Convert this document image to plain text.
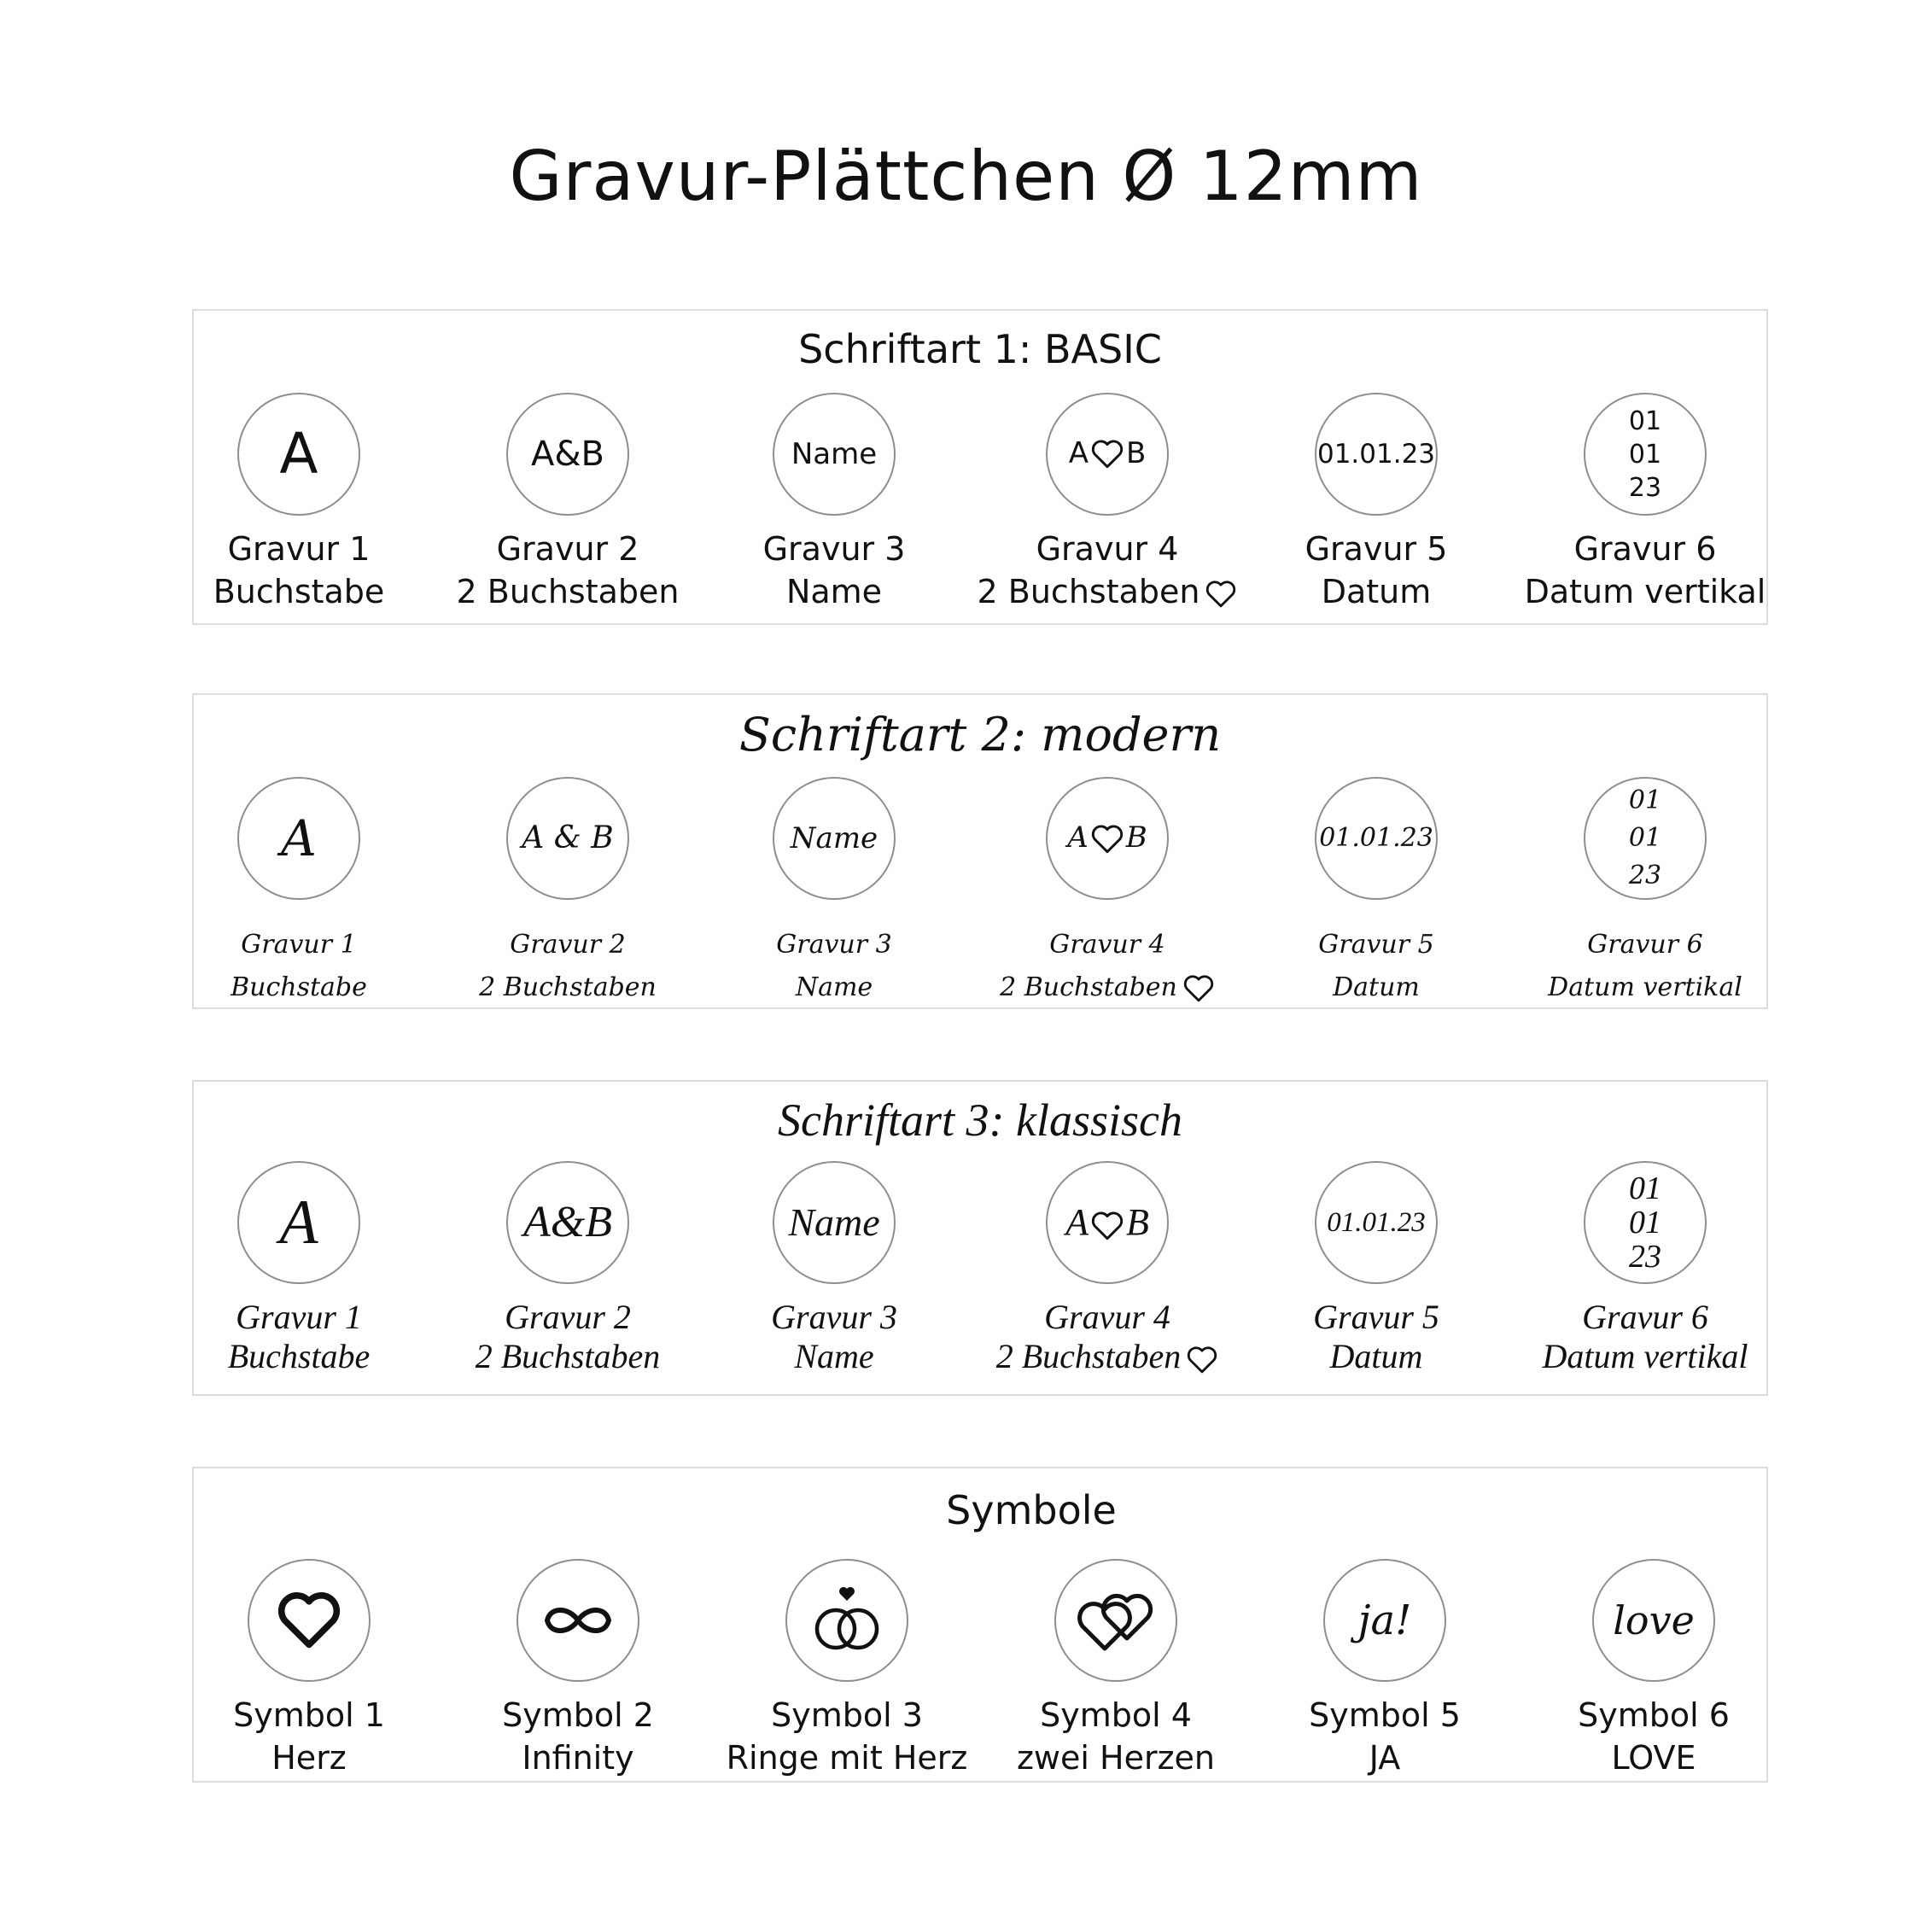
Gravur-Plättchen Ø 12mm
Schriftart 1: BASIC
A
Gravur 1
Buchstabe
A&B
Gravur 2
2 Buchstaben
Name
Gravur 3
Name
A B
Gravur 4
2 Buchstaben
01.01.23
Gravur 5
Datum
01
01
23
Gravur 6
Datum vertikal
Schriftart 2: modern
A
Gravur 1
Buchstabe
A & B
Gravur 2
2 Buchstaben
Name
Gravur 3
Name
A B
Gravur 4
2 Buchstaben
01.01.23
Gravur 5
Datum
01
01
23
Gravur 6
Datum vertikal
Schriftart 3: klassisch
A
Gravur 1
Buchstabe
A&B
Gravur 2
2 Buchstaben
Name
Gravur 3
Name
A B
Gravur 4
2 Buchstaben
01.01.23
Gravur 5
Datum
01
01
23
Gravur 6
Datum vertikal
Symbole
Symbol 1
Herz
Symbol 2
Infinity
Symbol 3
Ringe mit Herz
Symbol 4
zwei Herzen
ja!
Symbol 5
JA
love
Symbol 6
LOVE
